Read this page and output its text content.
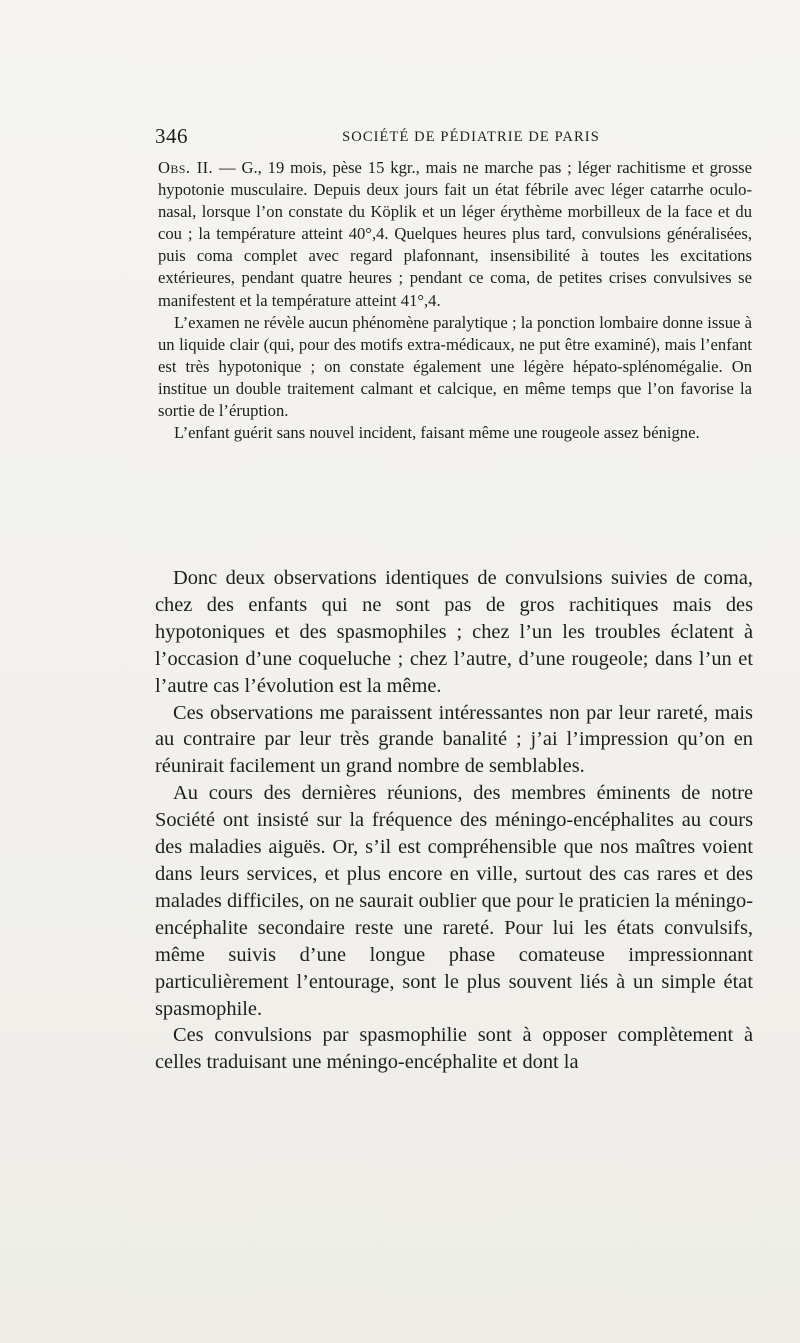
346	SOCIÉTÉ DE PÉDIATRIE DE PARIS

Obs. II. — G., 19 mois, pèse 15 kgr., mais ne marche pas ; léger rachitisme et grosse hypotonie musculaire. Depuis deux jours fait un état fébrile avec léger catarrhe oculo-nasal, lorsque l’on constate du Köplik et un léger érythème morbilleux de la face et du cou ; la température atteint 40°,4. Quelques heures plus tard, convulsions généralisées, puis coma complet avec regard plafonnant, insensibilité à toutes les excitations extérieures, pendant quatre heures ; pendant ce coma, de petites crises convulsives se manifestent et la température atteint 41°,4.

L’examen ne révèle aucun phénomène paralytique ; la ponction lombaire donne issue à un liquide clair (qui, pour des motifs extra-médicaux, ne put être examiné), mais l’enfant est très hypotonique ; on constate également une légère hépato-splénomégalie. On institue un double traitement calmant et calcique, en même temps que l’on favorise la sortie de l’éruption.

L’enfant guérit sans nouvel incident, faisant même une rougeole assez bénigne.

Donc deux observations identiques de convulsions suivies de coma, chez des enfants qui ne sont pas de gros rachitiques mais des hypotoniques et des spasmophiles ; chez l’un les troubles éclatent à l’occasion d’une coqueluche ; chez l’autre, d’une rougeole; dans l’un et l’autre cas l’évolution est la même.

Ces observations me paraissent intéressantes non par leur rareté, mais au contraire par leur très grande banalité ; j’ai l’impression qu’on en réunirait facilement un grand nombre de semblables.

Au cours des dernières réunions, des membres éminents de notre Société ont insisté sur la fréquence des méningo-encéphalites au cours des maladies aiguës. Or, s’il est compréhensible que nos maîtres voient dans leurs services, et plus encore en ville, surtout des cas rares et des malades difficiles, on ne saurait oublier que pour le praticien la méningo-encéphalite secondaire reste une rareté. Pour lui les états convulsifs, même suivis d’une longue phase comateuse impressionnant particulièrement l’entourage, sont le plus souvent liés à un simple état spasmophile.

Ces convulsions par spasmophilie sont à opposer complètement à celles traduisant une méningo-encéphalite et dont la
